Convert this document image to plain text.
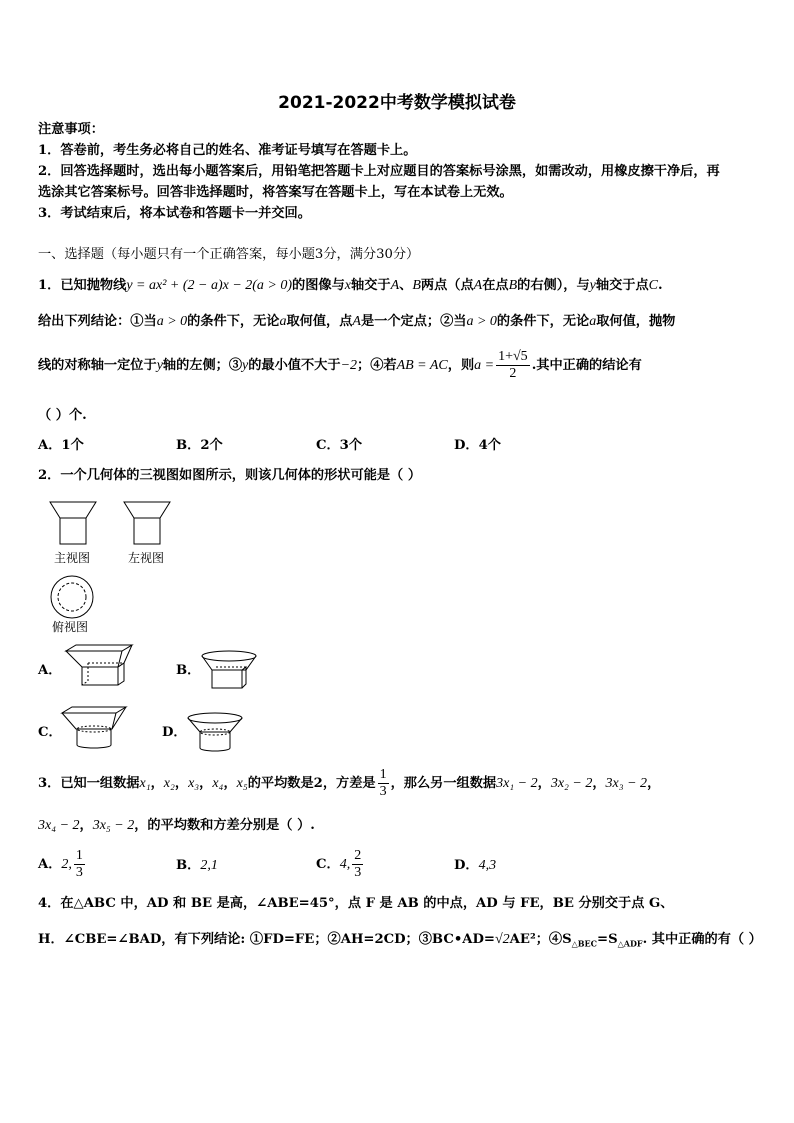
2021-2022中考数学模拟试卷
注意事项：
1．答卷前，考生务必将自己的姓名、准考证号填写在答题卡上。
2．回答选择题时，选出每小题答案后，用铅笔把答题卡上对应题目的答案标号涂黑，如需改动，用橡皮擦干净后，再
选涂其它答案标号。回答非选择题时，将答案写在答题卡上，写在本试卷上无效。
3．考试结束后，将本试卷和答题卡一并交回。
一、选择题（每小题只有一个正确答案，每小题3分，满分30分）
1．已知抛物线y = ax² + (2 − a)x − 2(a > 0)的图像与x轴交于A、B两点（点A在点B的右侧），与y轴交于点C.
给出下列结论：①当a > 0的条件下，无论a取何值，点A是一个定点；②当a > 0的条件下，无论a取何值，抛物
线的对称轴一定位于 y 轴的左侧；③ y 的最小值不大于 −2 ；④若 AB = AC ，则 $a = \frac{1+√5}{2}$ .其中正确的结论有
（ ）个.
A．1个	B．2个	C．3个	D．4个
2．一个几何体的三视图如图所示，则该几何体的形状可能是（ ）
主视图	左视图
俯视图
A．	B．
C．	D．
3．已知一组数据 x₁ ， x₂ ， x₃ ， x₄ ， x₅ 的平均数是2，方差是 $\frac{1}{3}$ ，那么另一组数据 3x₁ − 2 ， 3x₂ − 2 ， 3x₃ − 2 ，
3x₄ − 2，3x₅ − 2，的平均数和方差分别是（ ）.
A． 2, $\frac{1}{3}$	B．2,1	C． 4, $\frac{2}{3}$	D．4,3
4．在△ABC 中，AD 和 BE 是高，∠ABE=45°，点 F 是 AB 的中点，AD 与 FE，BE 分别交于点 G、
H．∠CBE=∠BAD，有下列结论: ①FD=FE；②AH=2CD；③BC•AD=√2AE²；$④S_{\triangle BEC}=S_{\triangle ADF}$. 其中正确的有（ ）
